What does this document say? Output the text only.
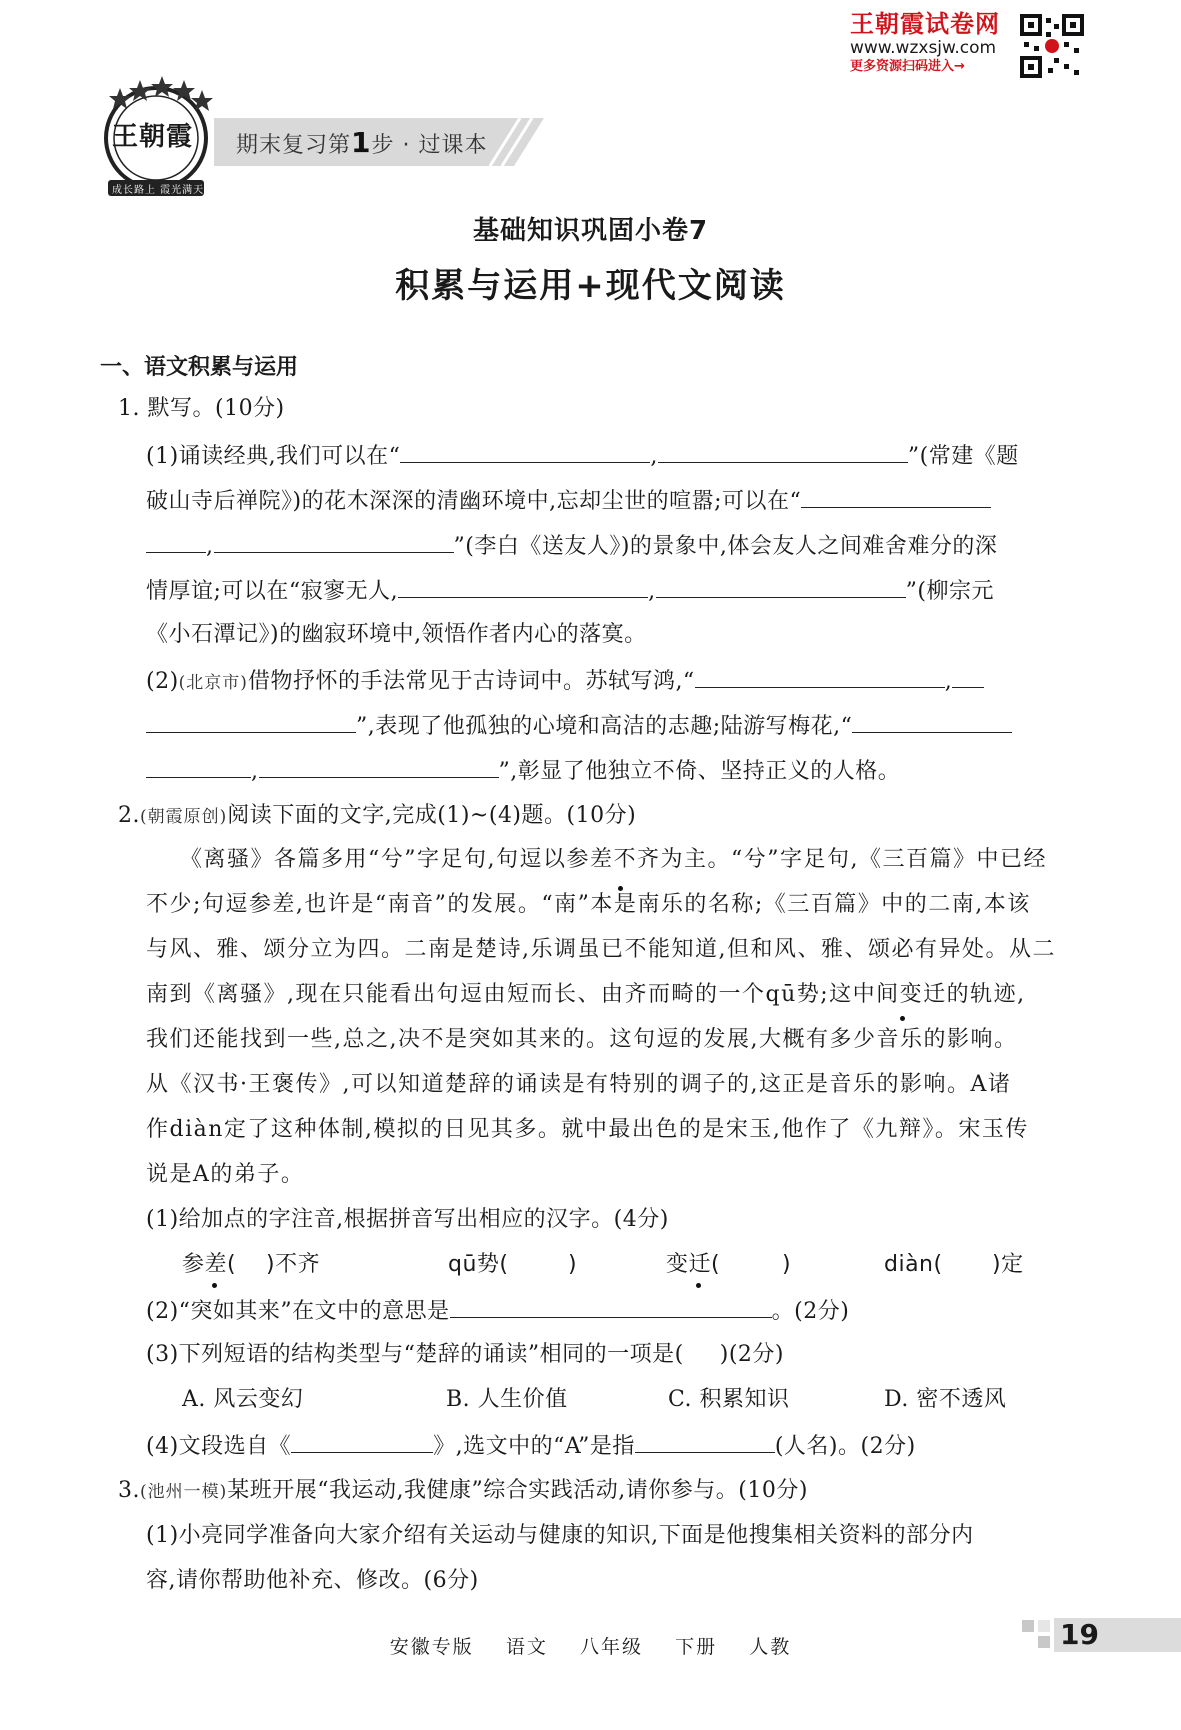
王朝霞试卷网
www.wzxsjw.com
更多资源扫码进入→
王朝霞
成长路上 霞光满天
期末复习第1步 · 过课本
基础知识巩固小卷7
积累与运用+现代文阅读
一、语文积累与运用
1. 默写。(10分)
(1)诵读经典,我们可以在“	,	”(常建《题
破山寺后禅院》)的花木深深的清幽环境中,忘却尘世的喧嚣;可以在“
,	”(李白《送友人》)的景象中,体会友人之间难舍难分的深
情厚谊;可以在“寂寥无人,	,	”(柳宗元
《小石潭记》)的幽寂环境中,领悟作者内心的落寞。
(2)(北京市)借物抒怀的手法常见于古诗词中。苏轼写鸿,“	,
”,表现了他孤独的心境和高洁的志趣;陆游写梅花,“
,	”,彰显了他独立不倚、坚持正义的人格。
2.(朝霞原创)阅读下面的文字,完成(1)~(4)题。(10分)
《离骚》各篇多用“兮”字足句,句逗以参差不齐为主。“兮”字足句,《三百篇》中已经
不少;句逗参差,也许是“南音”的发展。“南”本是南乐的名称;《三百篇》中的二南,本该
与风、雅、颂分立为四。二南是楚诗,乐调虽已不能知道,但和风、雅、颂必有异处。从二
南到《离骚》,现在只能看出句逗由短而长、由齐而畸的一个qū势;这中间变迁的轨迹,
我们还能找到一些,总之,决不是突如其来的。这句逗的发展,大概有多少音乐的影响。
从《汉书·王褒传》,可以知道楚辞的诵读是有特别的调子的,这正是音乐的影响。A诸
作diàn定了这种体制,模拟的日见其多。就中最出色的是宋玉,他作了《九辩》。宋玉传
说是A的弟子。
(1)给加点的字注音,根据拼音写出相应的汉字。(4分)
参差( )不齐	qū势(	)	变迁(	)	diàn( )定
(2)“突如其来”在文中的意思是	。(2分)
(3)下列短语的结构类型与“楚辞的诵读”相同的一项是( )(2分)
A. 风云变幻	B. 人生价值	C. 积累知识	D. 密不透风
(4)文段选自《	》,选文中的“A”是指	(人名)。(2分)
3.(池州一模)某班开展“我运动,我健康”综合实践活动,请你参与。(10分)
(1)小亮同学准备向大家介绍有关运动与健康的知识,下面是他搜集相关资料的部分内
容,请你帮助他补充、修改。(6分)
安徽专版 语文 八年级 下册 人教	19
